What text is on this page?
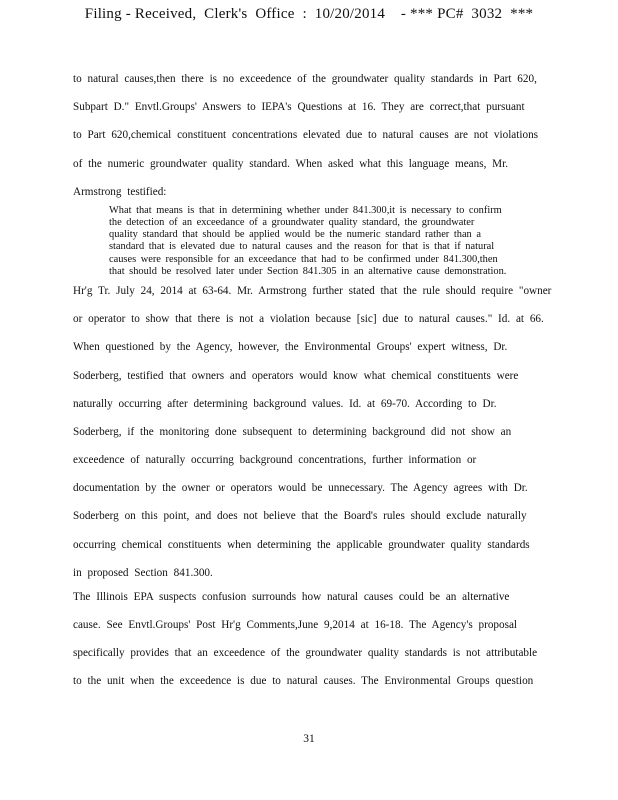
Filing - Received,  Clerk's  Office  :  10/20/2014    - *** PC#  3032  ***
to natural causes,then there is no exceedence of the groundwater quality standards in Part 620,
Subpart D." Envtl.Groups' Answers to IEPA's Questions at 16. They are correct,that pursuant
to Part 620,chemical constituent concentrations elevated due to natural causes are not violations
of the numeric groundwater quality standard. When asked what this language means, Mr.
Armstrong testified:
What that means is that in determining whether under 841.300,it is necessary to confirm
the detection of an exceedance of a groundwater quality standard, the groundwater
quality standard that should be applied would be the numeric standard rather than a
standard that is elevated due to natural causes and the reason for that is that if natural
causes were responsible for an exceedance that had to be confirmed under 841.300,then
that should be resolved later under Section 841.305 in an alternative cause demonstration.
Hr'g Tr. July 24, 2014 at 63-64. Mr. Armstrong further stated that the rule should require "owner
or operator to show that there is not a violation because [sic] due to natural causes." Id. at 66.
When questioned by the Agency, however, the Environmental Groups' expert witness, Dr.
Soderberg, testified that owners and operators would know what chemical constituents were
naturally occurring after determining background values. Id. at 69-70. According to Dr.
Soderberg, if the monitoring done subsequent to determining background did not show an
exceedence of naturally occurring background concentrations, further information or
documentation by the owner or operators would be unnecessary. The Agency agrees with Dr.
Soderberg on this point, and does not believe that the Board's rules should exclude naturally
occurring chemical constituents when determining the applicable groundwater quality standards
in proposed Section 841.300.
The Illinois EPA suspects confusion surrounds how natural causes could be an alternative
cause. See Envtl.Groups' Post Hr'g Comments,June 9,2014 at 16-18. The Agency's proposal
specifically provides that an exceedence of the groundwater quality standards is not attributable
to the unit when the exceedence is due to natural causes. The Environmental Groups question
31
